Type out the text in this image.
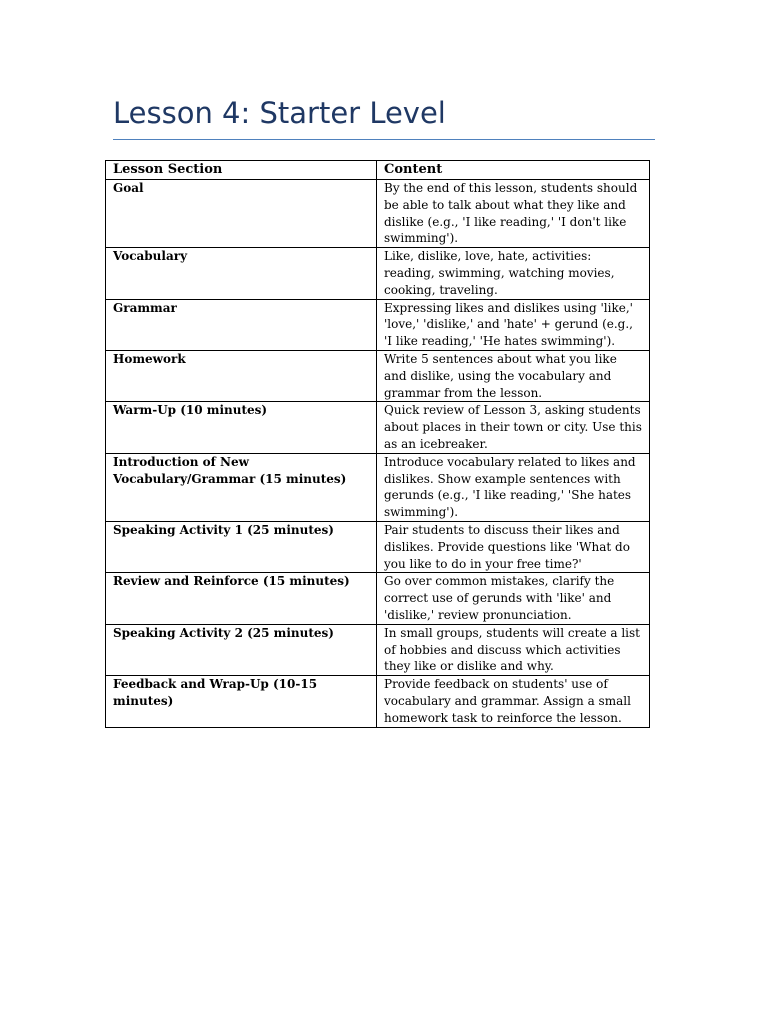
Lesson 4: Starter Level
Lesson Section	Content
Goal	By the end of this lesson, students should be able to talk about what they like and dislike (e.g., 'I like reading,' 'I don't like swimming').
Vocabulary	Like, dislike, love, hate, activities: reading, swimming, watching movies, cooking, traveling.
Grammar	Expressing likes and dislikes using 'like,' 'love,' 'dislike,' and 'hate' + gerund (e.g., 'I like reading,' 'He hates swimming').
Homework	Write 5 sentences about what you like and dislike, using the vocabulary and grammar from the lesson.
Warm-Up (10 minutes)	Quick review of Lesson 3, asking students about places in their town or city. Use this as an icebreaker.
Introduction of New Vocabulary/Grammar (15 minutes)	Introduce vocabulary related to likes and dislikes. Show example sentences with gerunds (e.g., 'I like reading,' 'She hates swimming').
Speaking Activity 1 (25 minutes)	Pair students to discuss their likes and dislikes. Provide questions like 'What do you like to do in your free time?'
Review and Reinforce (15 minutes)	Go over common mistakes, clarify the correct use of gerunds with 'like' and 'dislike,' review pronunciation.
Speaking Activity 2 (25 minutes)	In small groups, students will create a list of hobbies and discuss which activities they like or dislike and why.
Feedback and Wrap-Up (10-15 minutes)	Provide feedback on students' use of vocabulary and grammar. Assign a small homework task to reinforce the lesson.
